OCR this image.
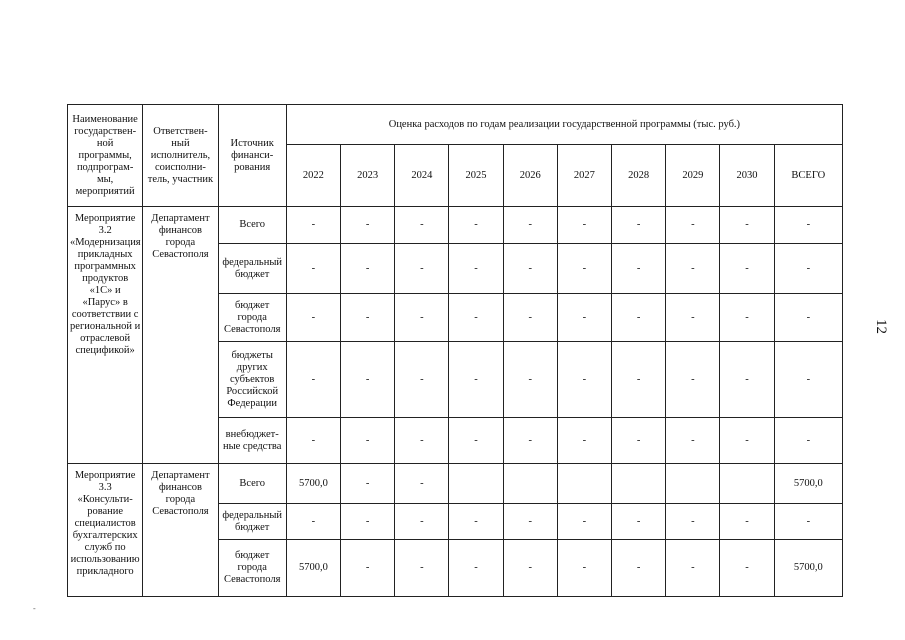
Наименование государствен-ной программы, подпрограм-мы, мероприятий	Ответствен-ный исполнитель, соисполни-тель, участник	Источник финанси-рования	Оценка расходов по годам реализации государственной программы (тыс. руб.)									
			2022	2023	2024	2025	2026	2027	2028	2029	2030	ВСЕГО
Мероприятие 3.2 «Модернизация прикладных программных продуктов «1С» и «Парус» в соответствии с региональной и отраслевой спецификой»	Департамент финансов города Севастополя	Всего	-	-	-	-	-	-	-	-	-	-
		федеральный бюджет	-	-	-	-	-	-	-	-	-	-
		бюджет города Севастополя	-	-	-	-	-	-	-	-	-	-
		бюджеты других субъектов Российской Федерации	-	-	-	-	-	-	-	-	-	-
		внебюджет-ные средства	-	-	-	-	-	-	-	-	-	-
Мероприятие 3.3 «Консульти-рование специалистов бухгалтерских служб по использованию прикладного	Департамент финансов города Севастополя	Всего	5700,0	-	-							5700,0
		федеральный бюджет	-	-	-	-	-	-	-	-	-	-
		бюджет города Севастополя	5700,0	-	-	-	-	-	-	-	-	5700,0
12
-
